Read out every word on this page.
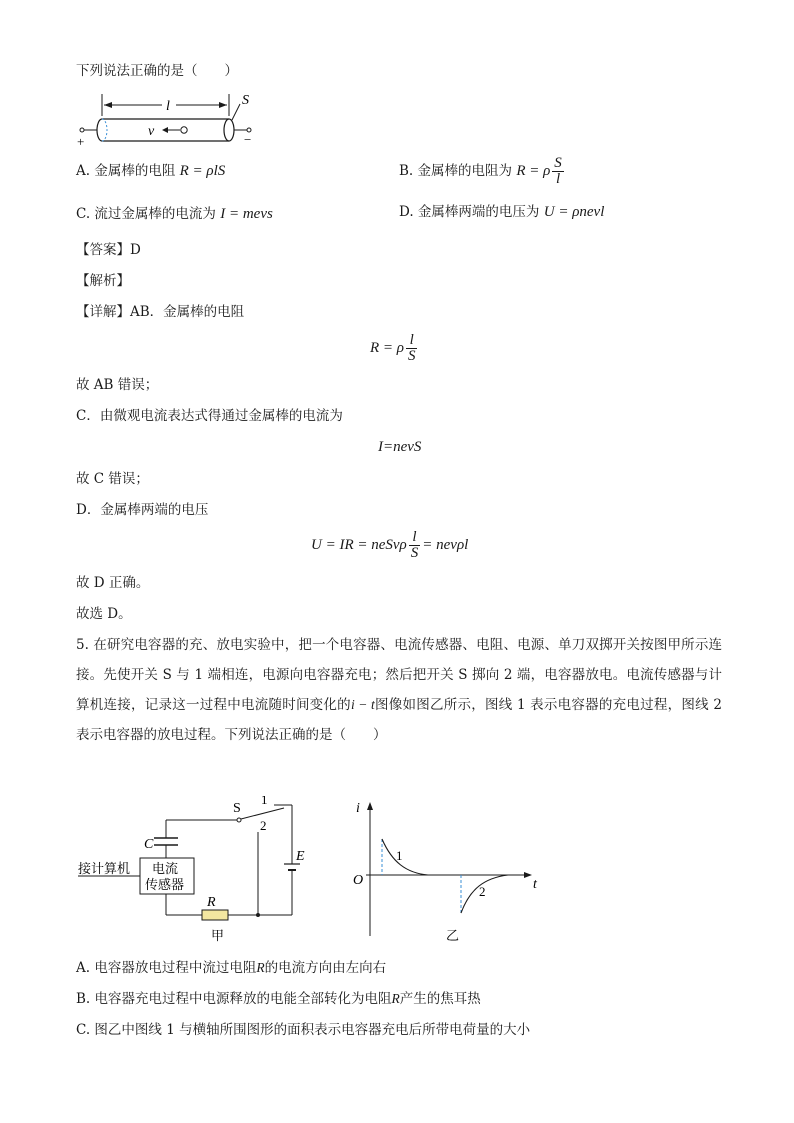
下列说法正确的是（　　）
l	S
v
+	−
A. 金属棒的电阻 R = ρlS	B. 金属棒的电阻为 R = ρ $\frac{S}{l}$
C. 流过金属棒的电流为 I = mevs	D. 金属棒两端的电压为 U = ρnevl
【答案】D
【解析】
【详解】AB．金属棒的电阻
R = ρ $\frac{l}{S}$
故 AB 错误；
C．由微观电流表达式得通过金属棒的电流为
I=nevS
故 C 错误；
D．金属棒两端的电压
U = IR = neSvρ $\frac{l}{S} = nev\rho l$
故 D 正确。
故选 D。
5. 在研究电容器的充、放电实验中，把一个电容器、电流传感器、电阻、电源、单刀双掷开关按图甲所示连接。先使开关 S 与 1 端相连，电源向电容器充电；然后把开关 S 掷向 2 端，电容器放电。电流传感器与计算机连接，记录这一过程中电流随时间变化的i − t图像如图乙所示，图线 1 表示电容器的充电过程，图线 2 表示电容器的放电过程。下列说法正确的是（　　）
S
1
2
C
电流
传感器
接计算机
R
E
甲
i
t
O
1
2
乙
A. 电容器放电过程中流过电阻R的电流方向由左向右
B. 电容器充电过程中电源释放的电能全部转化为电阻R产生的焦耳热
C. 图乙中图线 1 与横轴所围图形的面积表示电容器充电后所带电荷量的大小
